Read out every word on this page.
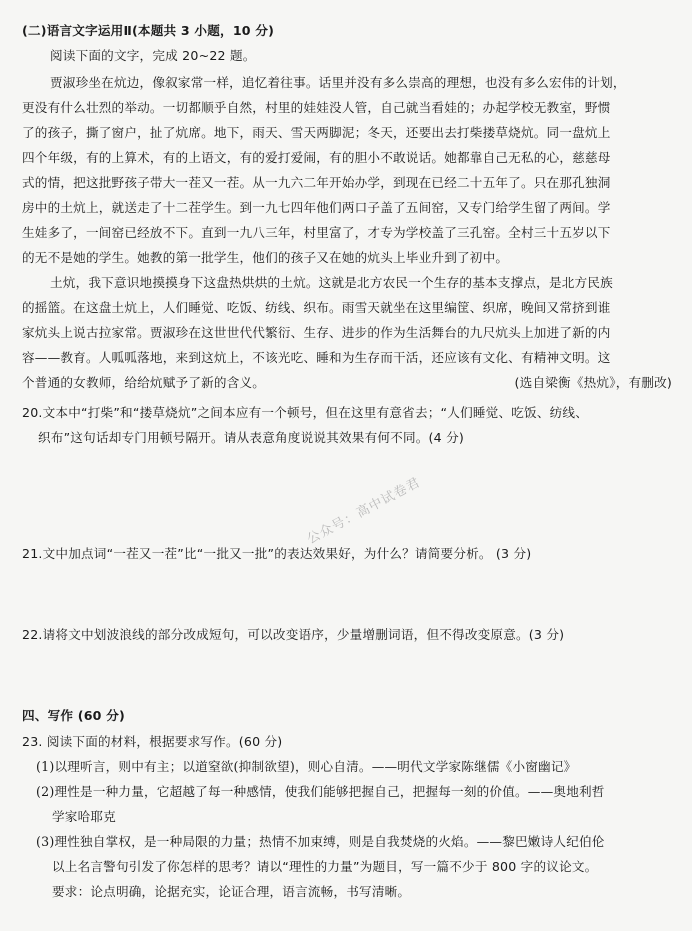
(二)语言文字运用Ⅱ(本题共 3 小题，10 分)
阅读下面的文字，完成 20~22 题。
贾淑珍坐在炕边，像叙家常一样，追忆着往事。话里并没有多么崇高的理想，也没有多么宏伟的计划，
更没有什么壮烈的举动。一切都顺乎自然，村里的娃娃没人管，自己就当看娃的；办起学校无教室，野惯
了的孩子，撕了窗户，扯了炕席。地下，雨天、雪天两脚泥；冬天，还要出去打柴搂草烧炕。同一盘炕上
四个年级，有的上算术，有的上语文，有的爱打爱闹，有的胆小不敢说话。她都靠自己无私的心，慈慈母
式的情，把这批野孩子带大一茬又一茬。从一九六二年开始办学，到现在已经二十五年了。只在那孔独洞
房中的土炕上，就送走了十二茬学生。到一九七四年他们两口子盖了五间窑，又专门给学生留了两间。学
生娃多了，一间窑已经放不下。直到一九八三年，村里富了，才专为学校盖了三孔窑。全村三十五岁以下
的无不是她的学生。她教的第一批学生，他们的孩子又在她的炕头上毕业升到了初中。
土炕，我下意识地摸摸身下这盘热烘烘的土炕。这就是北方农民一个生存的基本支撑点，是北方民族
的摇篮。在这盘土炕上，人们睡觉、吃饭、纺线、织布。雨雪天就坐在这里编筐、织席，晚间又常挤到谁
家炕头上说古拉家常。贾淑珍在这世世代代繁衍、生存、进步的作为生活舞台的九尺炕头上加进了新的内
容——教育。人呱呱落地，来到这炕上，不该光吃、睡和为生存而干活，还应该有文化、有精神文明。这
个普通的女教师，给给炕赋予了新的含义。	(选自梁衡《热炕》，有删改)
20.文本中“打柴”和“搂草烧炕”之间本应有一个顿号，但在这里有意省去；“人们睡觉、吃饭、纺线、
织布”这句话却专门用顿号隔开。请从表意角度说说其效果有何不同。(4 分)
公众号：高中试卷君
21.文中加点词“一茬又一茬”比“一批又一批”的表达效果好，为什么？请简要分析。 (3 分)
22.请将文中划波浪线的部分改成短句，可以改变语序，少量增删词语，但不得改变原意。(3 分)
四、写作 (60 分)
23. 阅读下面的材料，根据要求写作。(60 分)
(1)以理听言，则中有主；以道窒欲(抑制欲望)，则心自清。——明代文学家陈继儒《小窗幽记》
(2)理性是一种力量，它超越了每一种感情，使我们能够把握自己，把握每一刻的价值。——奥地利哲
学家哈耶克
(3)理性独自掌权，是一种局限的力量；热情不加束缚，则是自我焚烧的火焰。——黎巴嫩诗人纪伯伦
以上名言警句引发了你怎样的思考？请以“理性的力量”为题目，写一篇不少于 800 字的议论文。
要求：论点明确，论据充实，论证合理，语言流畅，书写清晰。
